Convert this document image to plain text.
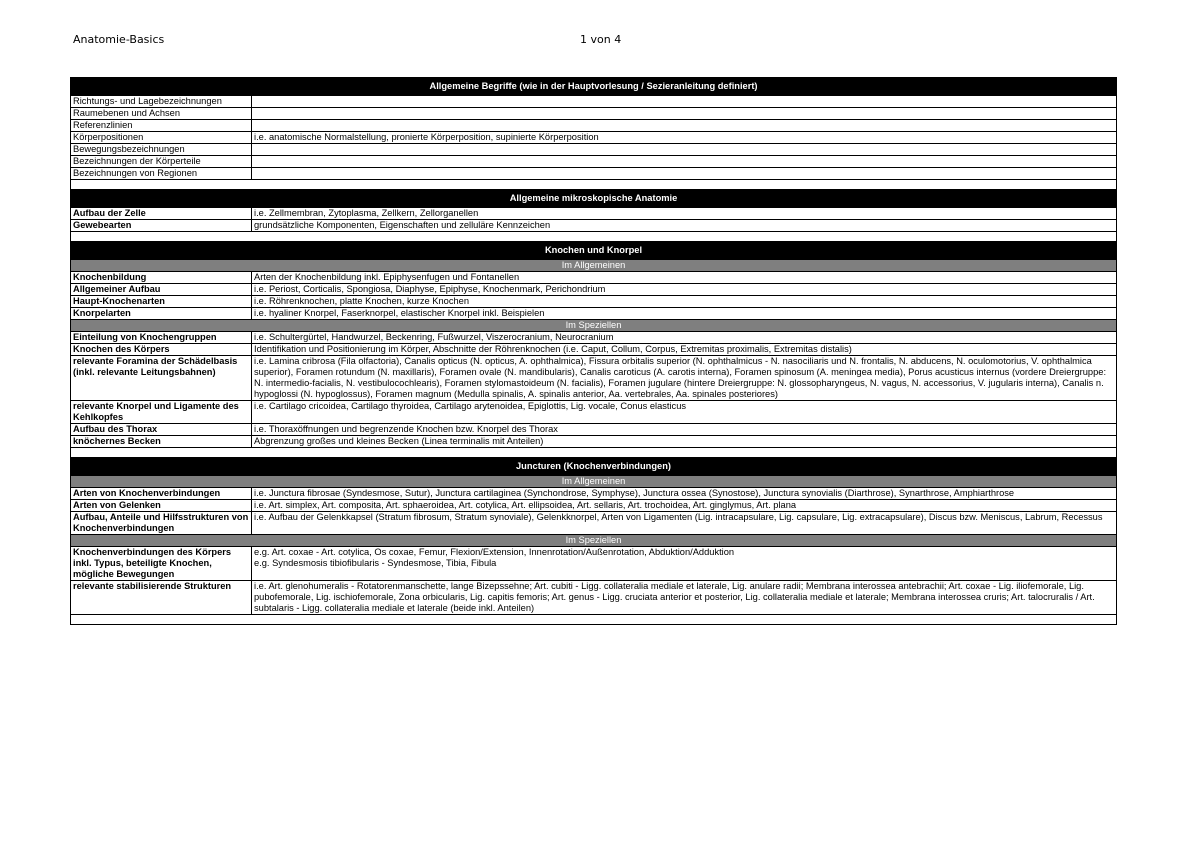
Anatomie-Basics	1 von 4
Allgemeine Begriffe (wie in der Hauptvorlesung / Sezieranleitung definiert)	
Richtungs- und Lagebezeichnungen	
Raumebenen und Achsen	
Referenzlinien	
Körperpositionen	i.e. anatomische Normalstellung, pronierte Körperposition, supinierte Körperposition
Bewegungsbezeichnungen	
Bezeichnungen der Körperteile	
Bezeichnungen von Regionen	

Allgemeine mikroskopische Anatomie	
Aufbau der Zelle	i.e. Zellmembran, Zytoplasma, Zellkern, Zellorganellen
Gewebearten	grundsätzliche Komponenten, Eigenschaften und zelluläre Kennzeichen

Knochen und Knorpel	
Im Allgemeinen	
Knochenbildung	Arten der Knochenbildung inkl. Epiphysenfugen und Fontanellen
Allgemeiner Aufbau	i.e. Periost, Corticalis, Spongiosa, Diaphyse, Epiphyse, Knochenmark, Perichondrium
Haupt-Knochenarten	i.e. Röhrenknochen, platte Knochen, kurze Knochen
Knorpelarten	i.e. hyaliner Knorpel, Faserknorpel, elastischer Knorpel inkl. Beispielen
Im Speziellen	
Einteilung von Knochengruppen	i.e. Schultergürtel, Handwurzel, Beckenring, Fußwurzel, Viszerocranium, Neurocranium
Knochen des Körpers	Identifikation und Positionierung im Körper, Abschnitte der Röhrenknochen (i.e. Caput, Collum, Corpus, Extremitas proximalis, Extremitas distalis)
relevante Foramina der Schädelbasis (inkl. relevante Leitungsbahnen)	i.e. Lamina cribrosa (Fila olfactoria), Canalis opticus (N. opticus, A. ophthalmica), Fissura orbitalis superior (N. ophthalmicus - N. nasociliaris und N. frontalis, N. abducens, N. oculomotorius, V. ophthalmica superior), Foramen rotundum (N. maxillaris), Foramen ovale (N. mandibularis), Canalis caroticus (A. carotis interna), Foramen spinosum (A. meningea media), Porus acusticus internus (vordere Dreiergruppe: N. intermedio-facialis, N. vestibulocochlearis), Foramen stylomastoideum (N. facialis), Foramen jugulare (hintere Dreiergruppe: N. glossopharyngeus, N. vagus, N. accessorius, V. jugularis interna), Canalis n. hypoglossi (N. hypoglossus), Foramen magnum (Medulla spinalis, A. spinalis anterior, Aa. vertebrales, Aa. spinales posteriores)
relevante Knorpel und Ligamente des Kehlkopfes	i.e. Cartilago cricoidea, Cartilago thyroidea, Cartilago arytenoidea, Epiglottis, Lig. vocale, Conus elasticus
Aufbau des Thorax	i.e. Thoraxöffnungen und begrenzende Knochen bzw. Knorpel des Thorax
knöchernes Becken	Abgrenzung großes und kleines Becken (Linea terminalis mit Anteilen)

Juncturen (Knochenverbindungen)	
Im Allgemeinen	
Arten von Knochenverbindungen	i.e. Junctura fibrosae (Syndesmose, Sutur), Junctura cartilaginea (Synchondrose, Symphyse), Junctura ossea (Synostose), Junctura synovialis (Diarthrose), Synarthrose, Amphiarthrose
Arten von Gelenken	i.e. Art. simplex, Art. composita, Art. sphaeroidea, Art. cotylica, Art. ellipsoidea, Art. sellaris, Art. trochoidea, Art. ginglymus, Art. plana
Aufbau, Anteile und Hilfsstrukturen von Knochenverbindungen	i.e. Aufbau der Gelenkkapsel (Stratum fibrosum, Stratum synoviale), Gelenkknorpel, Arten von Ligamenten (Lig. intracapsulare, Lig. capsulare, Lig. extracapsulare), Discus bzw. Meniscus, Labrum, Recessus
Im Speziellen	
Knochenverbindungen des Körpers inkl. Typus, beteiligte Knochen, mögliche Bewegungen	e.g. Art. coxae - Art. cotylica, Os coxae, Femur, Flexion/Extension, Innenrotation/Außenrotation, Abduktion/Adduktion
e.g. Syndesmosis tibiofibularis - Syndesmose, Tibia, Fibula
relevante stabilisierende Strukturen	i.e. Art. glenohumeralis - Rotatorenmanschette, lange Bizepssehne; Art. cubiti - Ligg. collateralia mediale et laterale, Lig. anulare radii; Membrana interossea antebrachii; Art. coxae - Lig. iliofemorale, Lig. pubofemorale, Lig. ischiofemorale, Zona orbicularis, Lig. capitis femoris; Art. genus - Ligg. cruciata anterior et posterior, Lig. collateralia mediale et laterale; Membrana interossea cruris; Art. talocruralis / Art. subtalaris - Ligg. collateralia mediale et laterale (beide inkl. Anteilen)
